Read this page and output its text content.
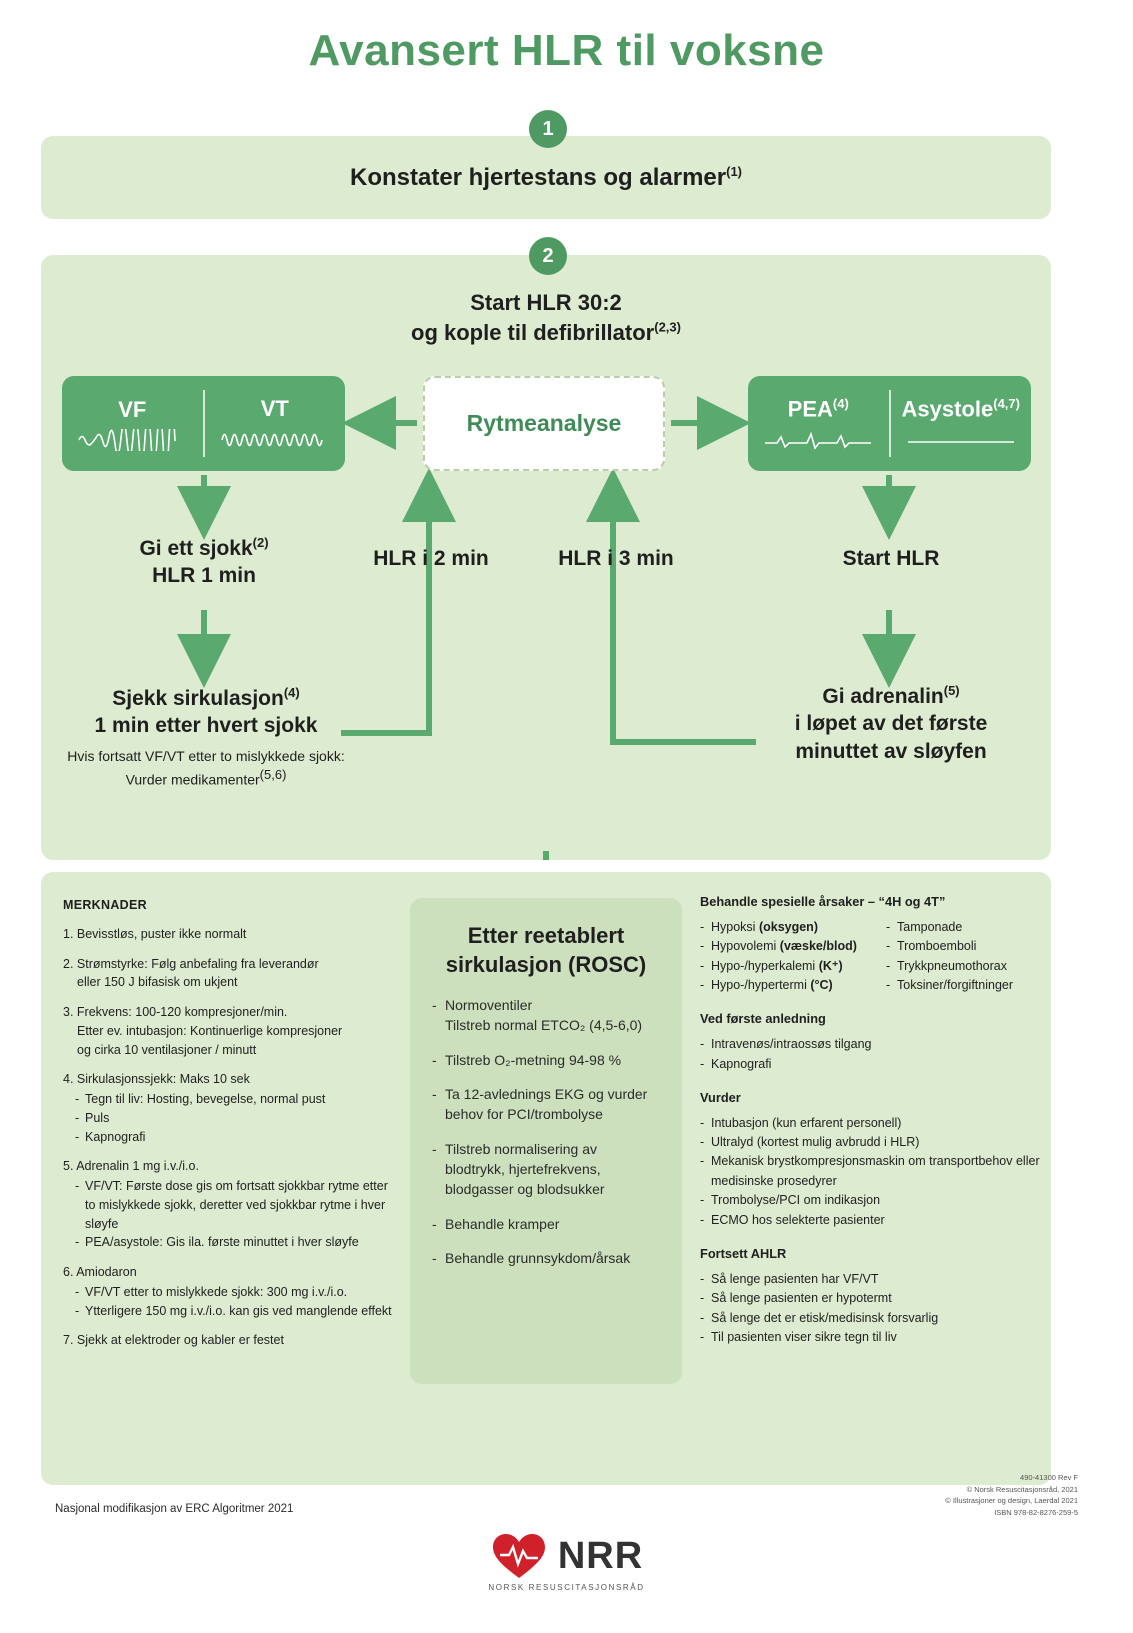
Avansert HLR til voksne
1
Konstater hjertestans og alarmer$^{(1)}$
2
Start HLR 30:2
og kople til defibrillator$^{(2,3)}$
VF	VT
Rytmeanalyse
PEA$^{(4)}$ Asystole$^{(4,7)}$
Gi ett sjokk$^{(2)}$
HLR 1 min
HLR i 2 min	HLR i 3 min	Start HLR
Sjekk sirkulasjon$^{(4)}$
1 min etter hvert sjokk
Hvis fortsatt VF/VT etter to mislykkede sjokk:
Vurder medikamenter(5,6)
Gi adrenalin$^{(5)}$
i løpet av det første
minuttet av sløyfen
MERKNADER
1. Bevisstløs, puster ikke normalt
2. Strømstyrke: Følg anbefaling fra leverandør
eller 150 J bifasisk om ukjent
3. Frekvens: 100-120 kompresjoner/min.
Etter ev. intubasjon: Kontinuerlige kompresjoner
og cirka 10 ventilasjoner / minutt
4. Sirkulasjonssjekk: Maks 10 sek
- Tegn til liv: Hosting, bevegelse, normal pust
- Puls
- Kapnografi
5. Adrenalin 1 mg i.v./i.o.
- VF/VT: Første dose gis om fortsatt sjokkbar rytme etter to mislykkede sjokk, deretter ved sjokkbar rytme i hver sløyfe
- PEA/asystole: Gis ila. første minuttet i hver sløyfe
6. Amiodaron
- VF/VT etter to mislykkede sjokk: 300 mg i.v./i.o.
- Ytterligere 150 mg i.v./i.o. kan gis ved manglende effekt
7. Sjekk at elektroder og kabler er festet
Etter reetablert
sirkulasjon (ROSC)
- Normoventiler
Tilstreb normal ETCO₂ (4,5-6,0)
- Tilstreb O₂-metning 94-98 %
- Ta 12-avlednings EKG og vurder behov for PCI/trombolyse
- Tilstreb normalisering av blodtrykk, hjertefrekvens, blodgasser og blodsukker
- Behandle kramper
- Behandle grunnsykdom/årsak
Behandle spesielle årsaker – “4H og 4T”
- Hypoksi (oksygen)
- Hypovolemi (væske/blod)
- Hypo-/hyperkalemi (K⁺)
- Hypo-/hypertermi (°C)
- Tamponade
- Tromboemboli
- Trykkpneumothorax
- Toksiner/forgiftninger
Ved første anledning
- Intravenøs/intraossøs tilgang
- Kapnografi
Vurder
- Intubasjon (kun erfarent personell)
- Ultralyd (kortest mulig avbrudd i HLR)
- Mekanisk brystkompresjonsmaskin om transportbehov eller medisinske prosedyrer
- Trombolyse/PCI om indikasjon
- ECMO hos selekterte pasienter
Fortsett AHLR
- Så lenge pasienten har VF/VT
- Så lenge pasienten er hypotermt
- Så lenge det er etisk/medisinsk forsvarlig
- Til pasienten viser sikre tegn til liv
Nasjonal modifikasjon av ERC Algoritmer 2021
490-41300 Rev F
© Norsk Resuscitasjonsråd, 2021
© Illustrasjoner og design, Laerdal 2021
ISBN 978-82-8276-259-5
NRR
NORSK RESUSCITASJONSRÅD
